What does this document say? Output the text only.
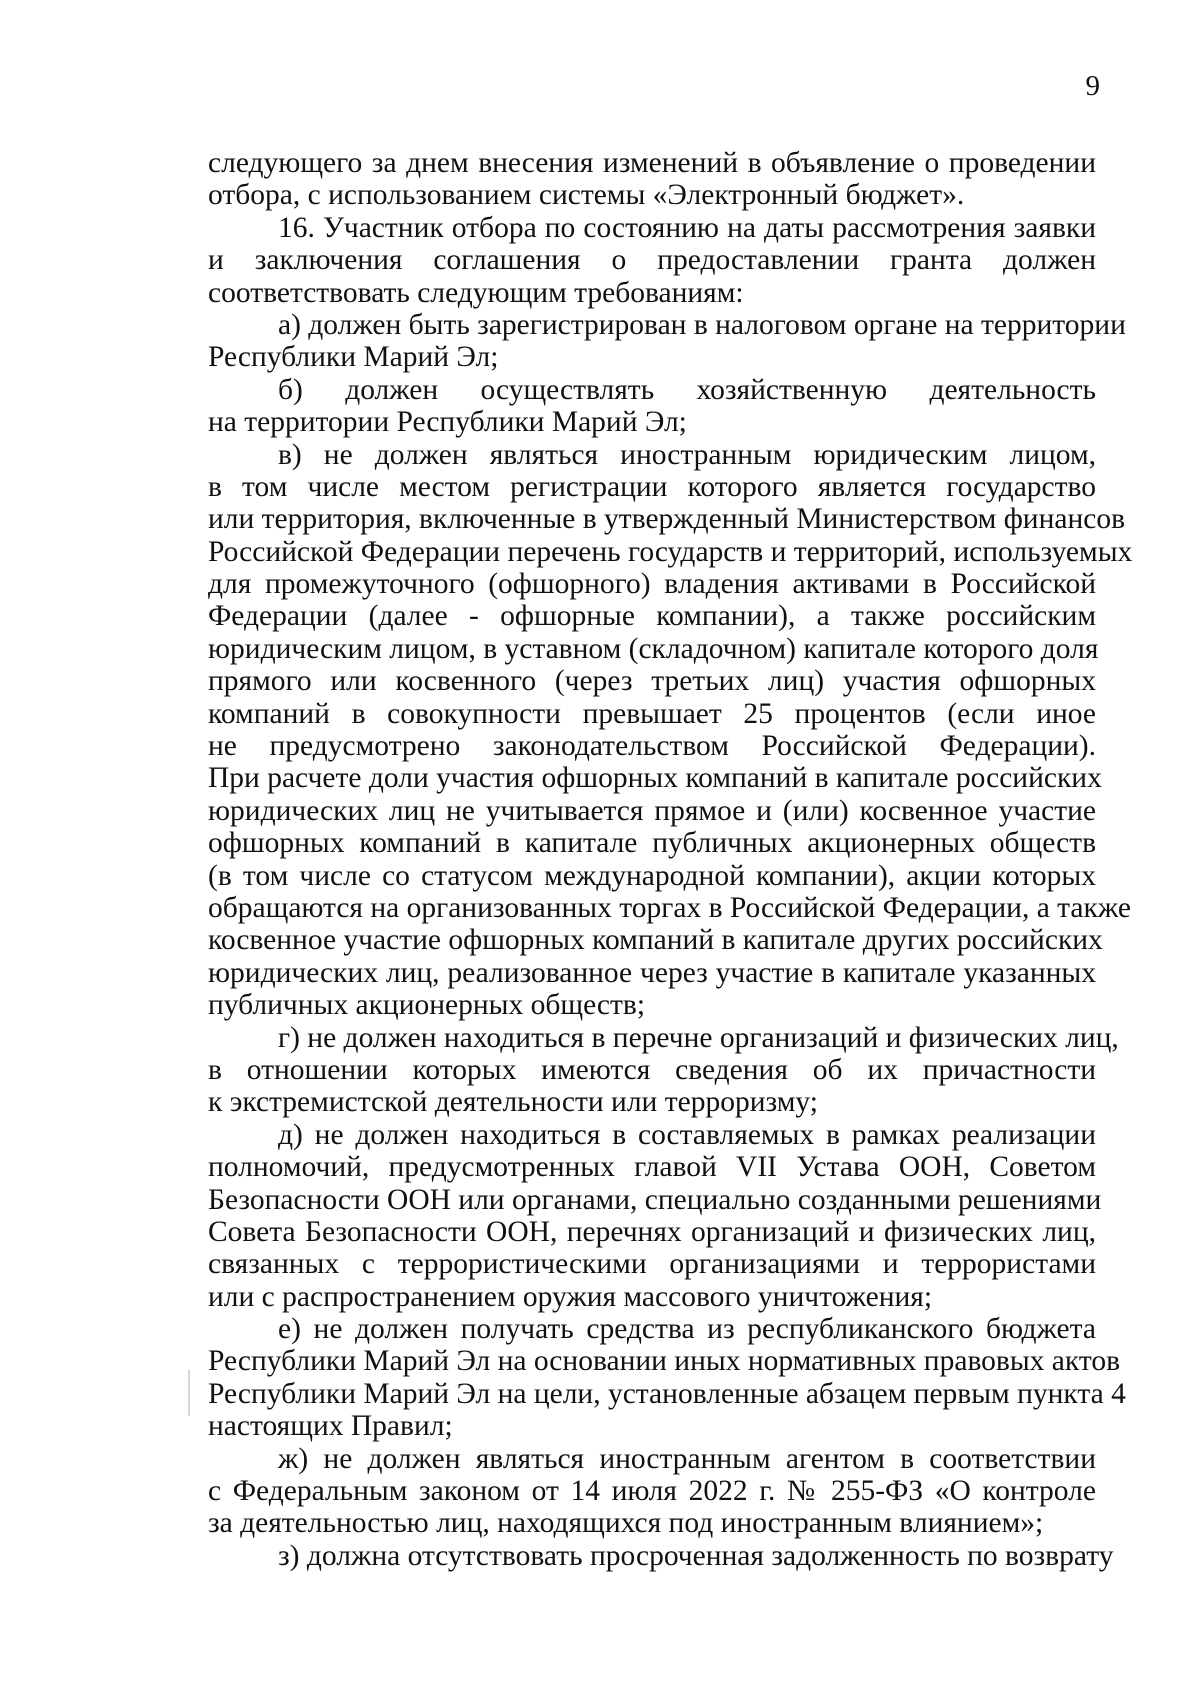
9
следующего за днем внесения изменений в объявление о проведении
отбора, с использованием системы «Электронный бюджет».
16. Участник отбора по состоянию на даты рассмотрения заявки
и заключения соглашения о предоставлении гранта должен
соответствовать следующим требованиям:
а) должен быть зарегистрирован в налоговом органе на территории
Республики Марий Эл;
б) должен осуществлять хозяйственную деятельность
на территории Республики Марий Эл;
в) не должен являться иностранным юридическим лицом,
в том числе местом регистрации которого является государство
или территория, включенные в утвержденный Министерством финансов
Российской Федерации перечень государств и территорий, используемых
для промежуточного (офшорного) владения активами в Российской
Федерации (далее - офшорные компании), а также российским
юридическим лицом, в уставном (складочном) капитале которого доля
прямого или косвенного (через третьих лиц) участия офшорных
компаний в совокупности превышает 25 процентов (если иное
не предусмотрено законодательством Российской Федерации).
При расчете доли участия офшорных компаний в капитале российских
юридических лиц не учитывается прямое и (или) косвенное участие
офшорных компаний в капитале публичных акционерных обществ
(в том числе со статусом международной компании), акции которых
обращаются на организованных торгах в Российской Федерации, а также
косвенное участие офшорных компаний в капитале других российских
юридических лиц, реализованное через участие в капитале указанных
публичных акционерных обществ;
г) не должен находиться в перечне организаций и физических лиц,
в отношении которых имеются сведения об их причастности
к экстремистской деятельности или терроризму;
д) не должен находиться в составляемых в рамках реализации
полномочий, предусмотренных главой VII Устава ООН, Советом
Безопасности ООН или органами, специально созданными решениями
Совета Безопасности ООН, перечнях организаций и физических лиц,
связанных с террористическими организациями и террористами
или с распространением оружия массового уничтожения;
е) не должен получать средства из республиканского бюджета
Республики Марий Эл на основании иных нормативных правовых актов
Республики Марий Эл на цели, установленные абзацем первым пункта 4
настоящих Правил;
ж) не должен являться иностранным агентом в соответствии
с Федеральным законом от 14 июля 2022 г. № 255-ФЗ «О контроле
за деятельностью лиц, находящихся под иностранным влиянием»;
з) должна отсутствовать просроченная задолженность по возврату
